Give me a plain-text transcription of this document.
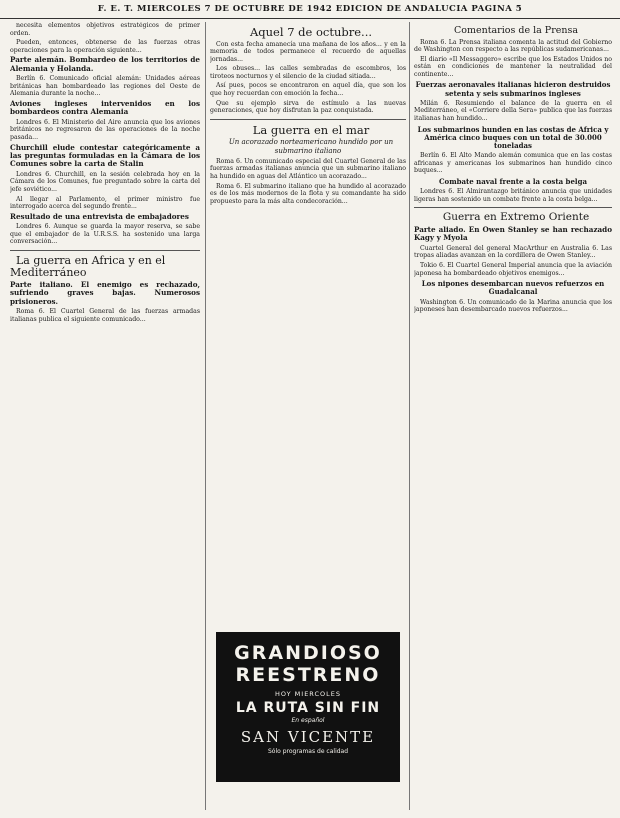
F. E. T. MIERCOLES 7 DE OCTUBRE DE 1942 EDICION DE ANDALUCIA PAGINA 5

necesita elementos objetivos estratégicos de primer orden.

Pueden, entonces, obtenerse de las fuerzas otras operaciones para la operación siguiente...

Parte alemán. Bombardeo de los territorios de Alemania y Holanda.

Berlín 6. Comunicado oficial alemán: Unidades aéreas británicas han bombardeado las regiones del Oeste de Alemania durante la noche...

Aviones ingleses intervenidos en los bombardeos contra Alemania

Londres 6. El Ministerio del Aire anuncia que los aviones británicos no regresaron de las operaciones de la noche pasada...

Churchill elude contestar categóricamente a las preguntas formuladas en la Cámara de los Comunes sobre la carta de Stalin

Londres 6. Churchill, en la sesión celebrada hoy en la Cámara de los Comunes, fue preguntado sobre la carta del jefe soviético...

Al llegar al Parlamento, el primer ministro fue interrogado acerca del segundo frente...

Resultado de una entrevista de embajadores

Londres 6. Aunque se guarda la mayor reserva, se sabe que el embajador de la U.R.S.S. ha sostenido una larga conversación...

La guerra en Africa y en el Mediterráneo

Parte italiano. El enemigo es rechazado, sufriendo graves bajas. Numerosos prisioneros.

Roma 6. El Cuartel General de las fuerzas armadas italianas publica el siguiente comunicado...

Aquel 7 de octubre...

Con esta fecha amanecía una mañana de los años... y en la memoria de todos permanece el recuerdo de aquellas jornadas...

Los obuses... las calles sembradas de escombros, los tiroteos nocturnos y el silencio de la ciudad sitiada...

Así pues, pocos se encontraron en aquel día, que son los que hoy recuerdan con emoción la fecha...

Que su ejemplo sirva de estímulo a las nuevas generaciones, que hoy disfrutan la paz conquistada.

La guerra en el mar

Un acorazado norteamericano hundido por un submarino italiano

Roma 6. Un comunicado especial del Cuartel General de las fuerzas armadas italianas anuncia que un submarino italiano ha hundido en aguas del Atlántico un acorazado...

Roma 6. El submarino italiano que ha hundido al acorazado es de los más modernos de la flota y su comandante ha sido propuesto para la más alta condecoración...

GRANDIOSO
REESTRENO
HOY MIERCOLES
LA RUTA SIN FIN
En español
SAN VICENTE
Sólo programas de calidad

Comentarios de la Prensa

Roma 6. La Prensa italiana comenta la actitud del Gobierno de Washington con respecto a las repúblicas sudamericanas...

El diario «Il Messaggero» escribe que los Estados Unidos no están en condiciones de mantener la neutralidad del continente...

Fuerzas aeronavales italianas hicieron destruidos setenta y seis submarinos ingleses

Milán 6. Resumiendo el balance de la guerra en el Mediterráneo, el «Corriere della Sera» publica que las fuerzas italianas han hundido...

Los submarinos hunden en las costas de Africa y América cinco buques con un total de 30.000 toneladas

Berlín 6. El Alto Mando alemán comunica que en las costas africanas y americanas los submarinos han hundido cinco buques...

Combate naval frente a la costa belga

Londres 6. El Almirantazgo británico anuncia que unidades ligeras han sostenido un combate frente a la costa belga...

Guerra en Extremo Oriente

Parte aliado. En Owen Stanley se han rechazado Kagy y Myola

Cuartel General del general MacArthur en Australia 6. Las tropas aliadas avanzan en la cordillera de Owen Stanley...

Tokio 6. El Cuartel General Imperial anuncia que la aviación japonesa ha bombardeado objetivos enemigos...

Los nipones desembarcan nuevos refuerzos en Guadalcanal

Washington 6. Un comunicado de la Marina anuncia que los japoneses han desembarcado nuevos refuerzos...
